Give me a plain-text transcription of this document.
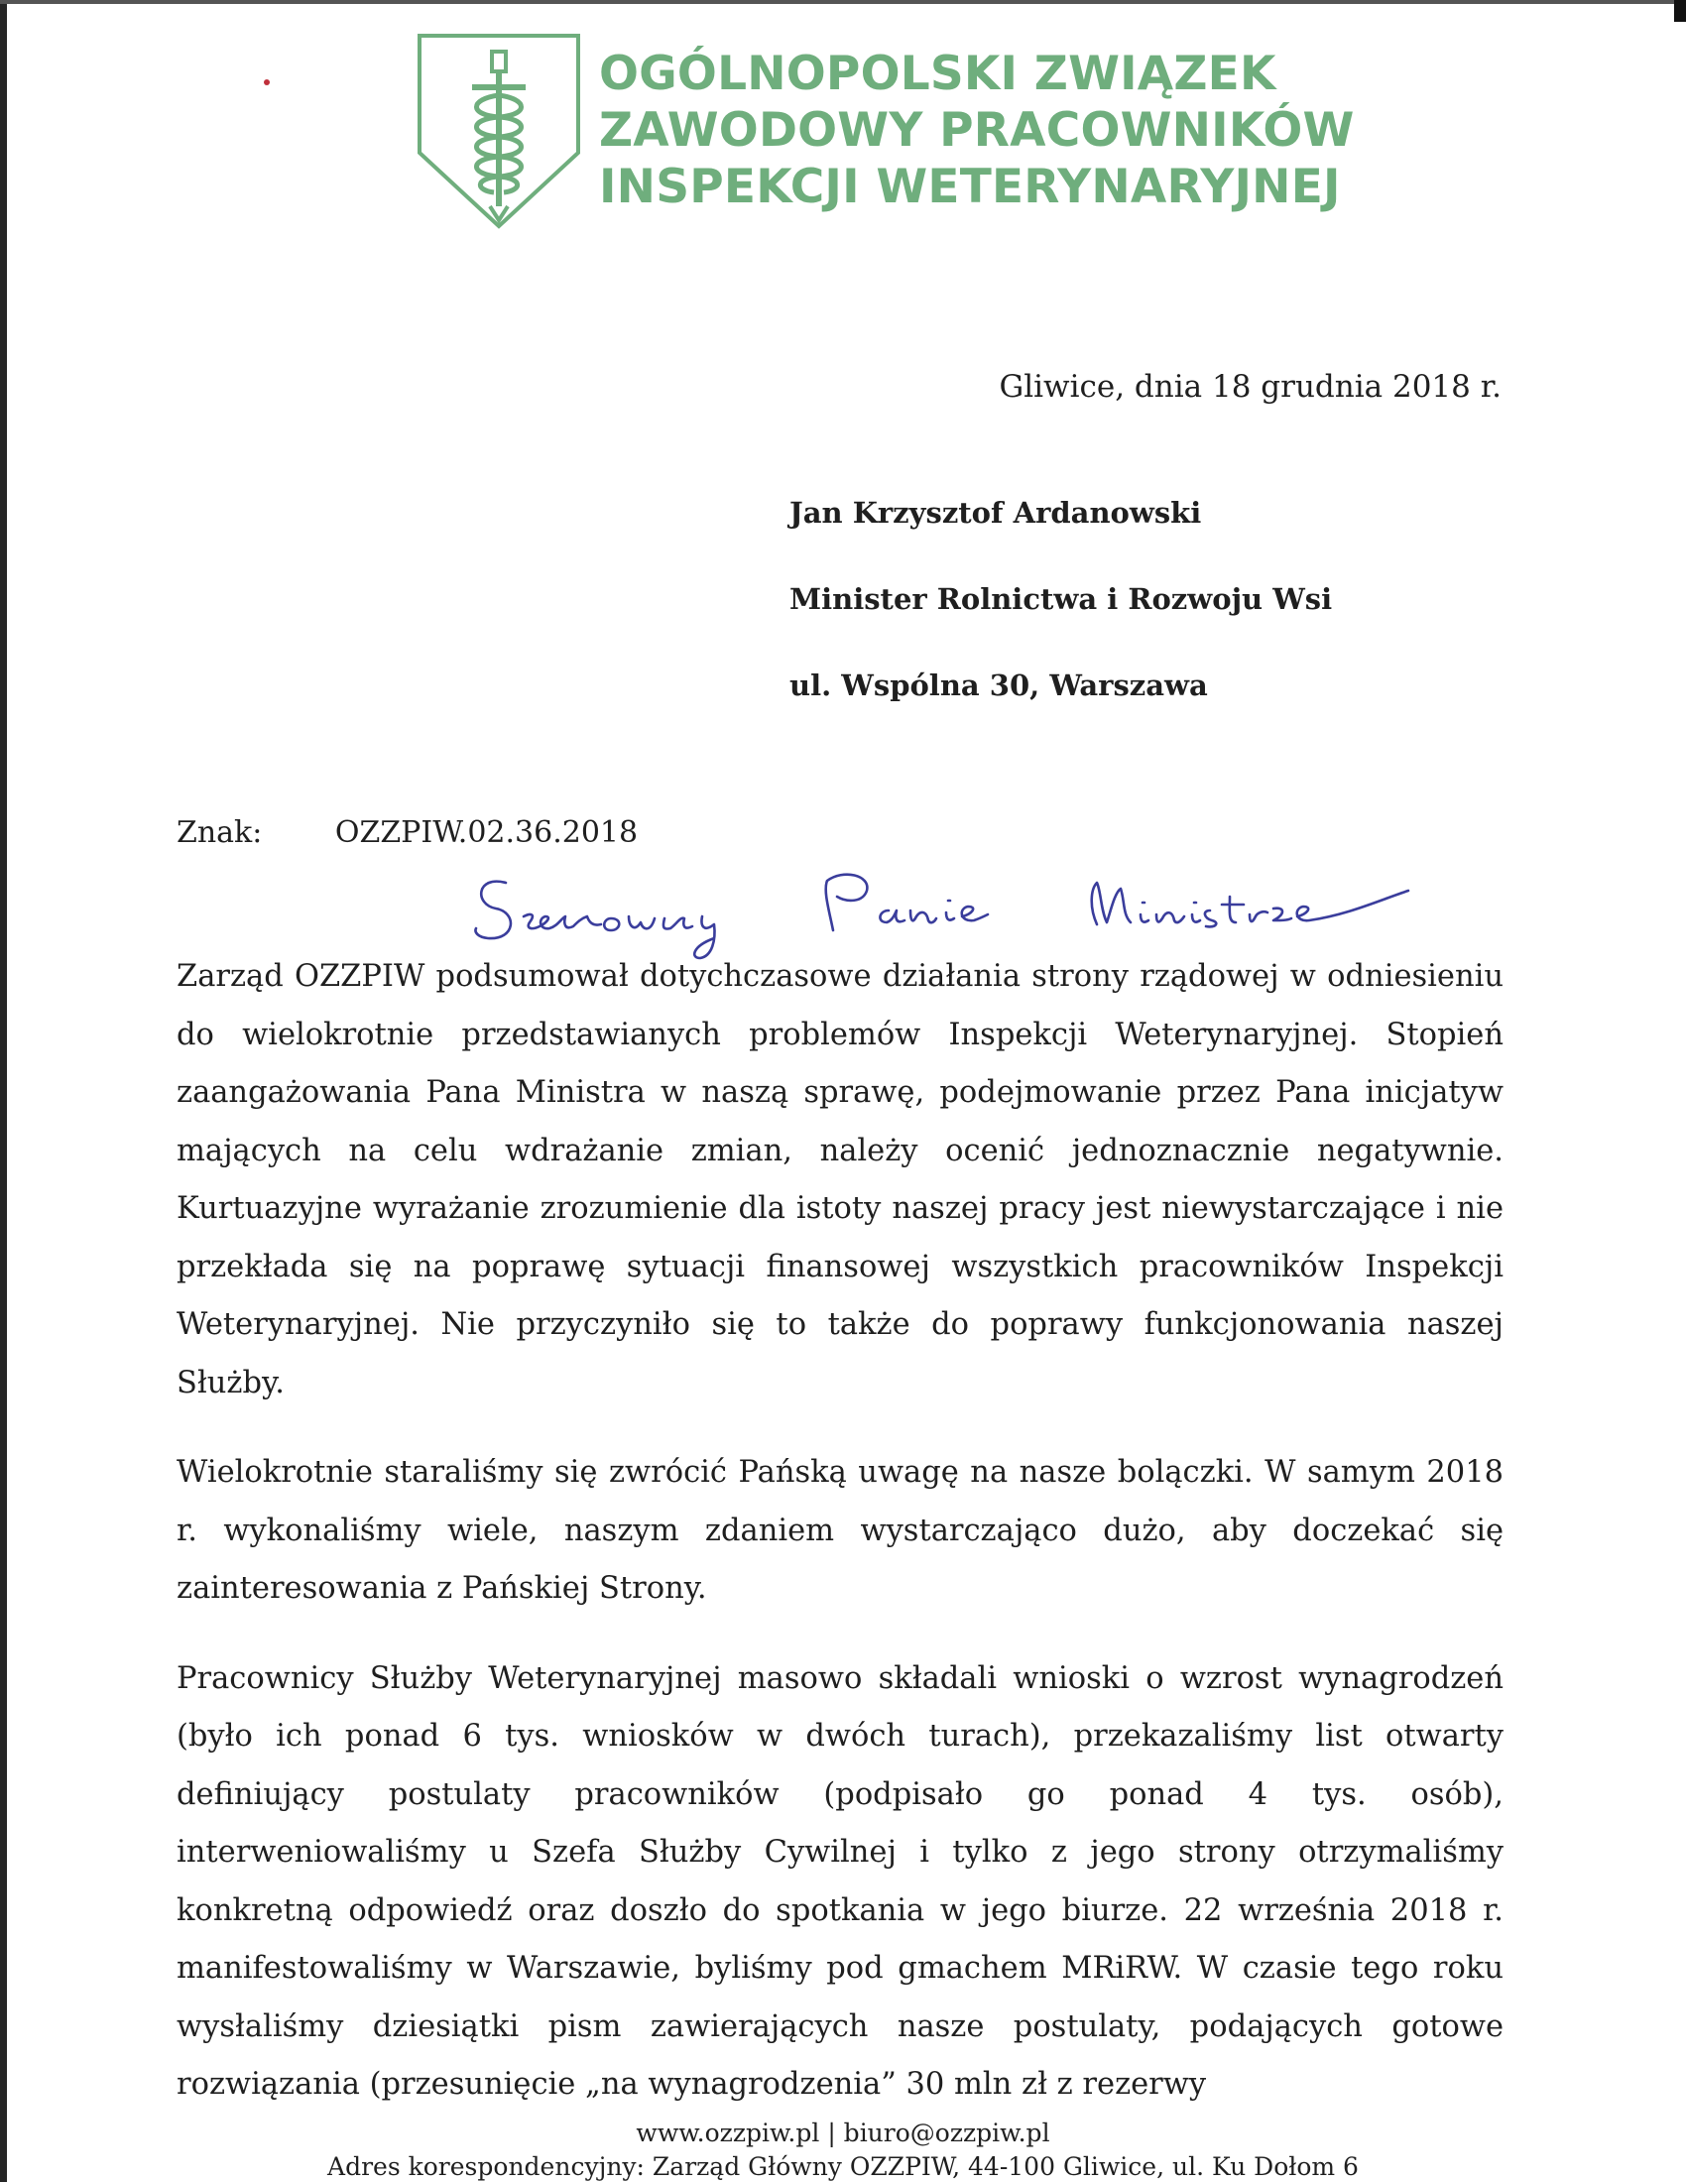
OGÓLNOPOLSKI ZWIĄZEK
ZAWODOWY PRACOWNIKÓW
INSPEKCJI WETERYNARYJNEJ
Gliwice, dnia 18 grudnia 2018 r.
Jan Krzysztof Ardanowski
Minister Rolnictwa i Rozwoju Wsi
ul. Wspólna 30, Warszawa
Znak: OZZPIW.02.36.2018

Zarząd OZZPIW podsumował dotychczasowe działania strony rządowej w odniesieniu do wielokrotnie przedstawianych problemów Inspekcji Weterynaryjnej. Stopień zaangażowania Pana Ministra w naszą sprawę, podejmowanie przez Pana inicjatyw mających na celu wdrażanie zmian, należy ocenić jednoznacznie negatywnie. Kurtuazyjne wyrażanie zrozumienie dla istoty naszej pracy jest niewystarczające i nie przekłada się na poprawę sytuacji finansowej wszystkich pracowników Inspekcji Weterynaryjnej. Nie przyczyniło się to także do poprawy funkcjonowania naszej Służby.

Wielokrotnie staraliśmy się zwrócić Pańską uwagę na nasze bolączki. W samym 2018 r. wykonaliśmy wiele, naszym zdaniem wystarczająco dużo, aby doczekać się zainteresowania z Pańskiej Strony.

Pracownicy Służby Weterynaryjnej masowo składali wnioski o wzrost wynagrodzeń (było ich ponad 6 tys. wniosków w dwóch turach), przekazaliśmy list otwarty definiujący postulaty pracowników (podpisało go ponad 4 tys. osób), interweniowaliśmy u Szefa Służby Cywilnej i tylko z jego strony otrzymaliśmy konkretną odpowiedź oraz doszło do spotkania w jego biurze. 22 września 2018 r. manifestowaliśmy w Warszawie, byliśmy pod gmachem MRiRW. W czasie tego roku wysłaliśmy dziesiątki pism zawierających nasze postulaty, podających gotowe rozwiązania (przesunięcie „na wynagrodzenia” 30 mln zł z rezerwy

www.ozzpiw.pl | biuro@ozzpiw.pl
Adres korespondencyjny: Zarząd Główny OZZPIW, 44-100 Gliwice, ul. Ku Dołom 6
